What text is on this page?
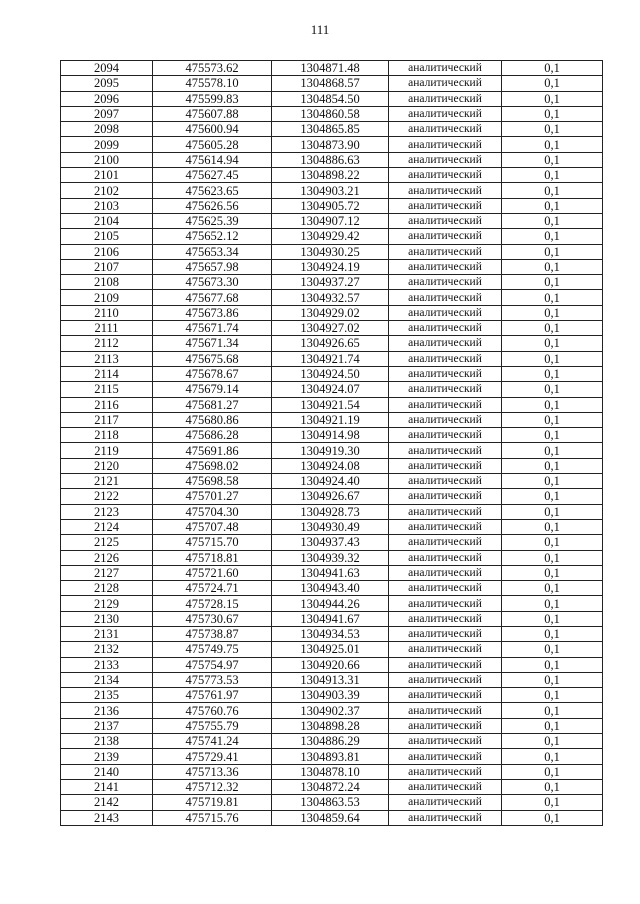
111
2094	475573.62	1304871.48	аналитический	0,1
2095	475578.10	1304868.57	аналитический	0,1
2096	475599.83	1304854.50	аналитический	0,1
2097	475607.88	1304860.58	аналитический	0,1
2098	475600.94	1304865.85	аналитический	0,1
2099	475605.28	1304873.90	аналитический	0,1
2100	475614.94	1304886.63	аналитический	0,1
2101	475627.45	1304898.22	аналитический	0,1
2102	475623.65	1304903.21	аналитический	0,1
2103	475626.56	1304905.72	аналитический	0,1
2104	475625.39	1304907.12	аналитический	0,1
2105	475652.12	1304929.42	аналитический	0,1
2106	475653.34	1304930.25	аналитический	0,1
2107	475657.98	1304924.19	аналитический	0,1
2108	475673.30	1304937.27	аналитический	0,1
2109	475677.68	1304932.57	аналитический	0,1
2110	475673.86	1304929.02	аналитический	0,1
2111	475671.74	1304927.02	аналитический	0,1
2112	475671.34	1304926.65	аналитический	0,1
2113	475675.68	1304921.74	аналитический	0,1
2114	475678.67	1304924.50	аналитический	0,1
2115	475679.14	1304924.07	аналитический	0,1
2116	475681.27	1304921.54	аналитический	0,1
2117	475680.86	1304921.19	аналитический	0,1
2118	475686.28	1304914.98	аналитический	0,1
2119	475691.86	1304919.30	аналитический	0,1
2120	475698.02	1304924.08	аналитический	0,1
2121	475698.58	1304924.40	аналитический	0,1
2122	475701.27	1304926.67	аналитический	0,1
2123	475704.30	1304928.73	аналитический	0,1
2124	475707.48	1304930.49	аналитический	0,1
2125	475715.70	1304937.43	аналитический	0,1
2126	475718.81	1304939.32	аналитический	0,1
2127	475721.60	1304941.63	аналитический	0,1
2128	475724.71	1304943.40	аналитический	0,1
2129	475728.15	1304944.26	аналитический	0,1
2130	475730.67	1304941.67	аналитический	0,1
2131	475738.87	1304934.53	аналитический	0,1
2132	475749.75	1304925.01	аналитический	0,1
2133	475754.97	1304920.66	аналитический	0,1
2134	475773.53	1304913.31	аналитический	0,1
2135	475761.97	1304903.39	аналитический	0,1
2136	475760.76	1304902.37	аналитический	0,1
2137	475755.79	1304898.28	аналитический	0,1
2138	475741.24	1304886.29	аналитический	0,1
2139	475729.41	1304893.81	аналитический	0,1
2140	475713.36	1304878.10	аналитический	0,1
2141	475712.32	1304872.24	аналитический	0,1
2142	475719.81	1304863.53	аналитический	0,1
2143	475715.76	1304859.64	аналитический	0,1
